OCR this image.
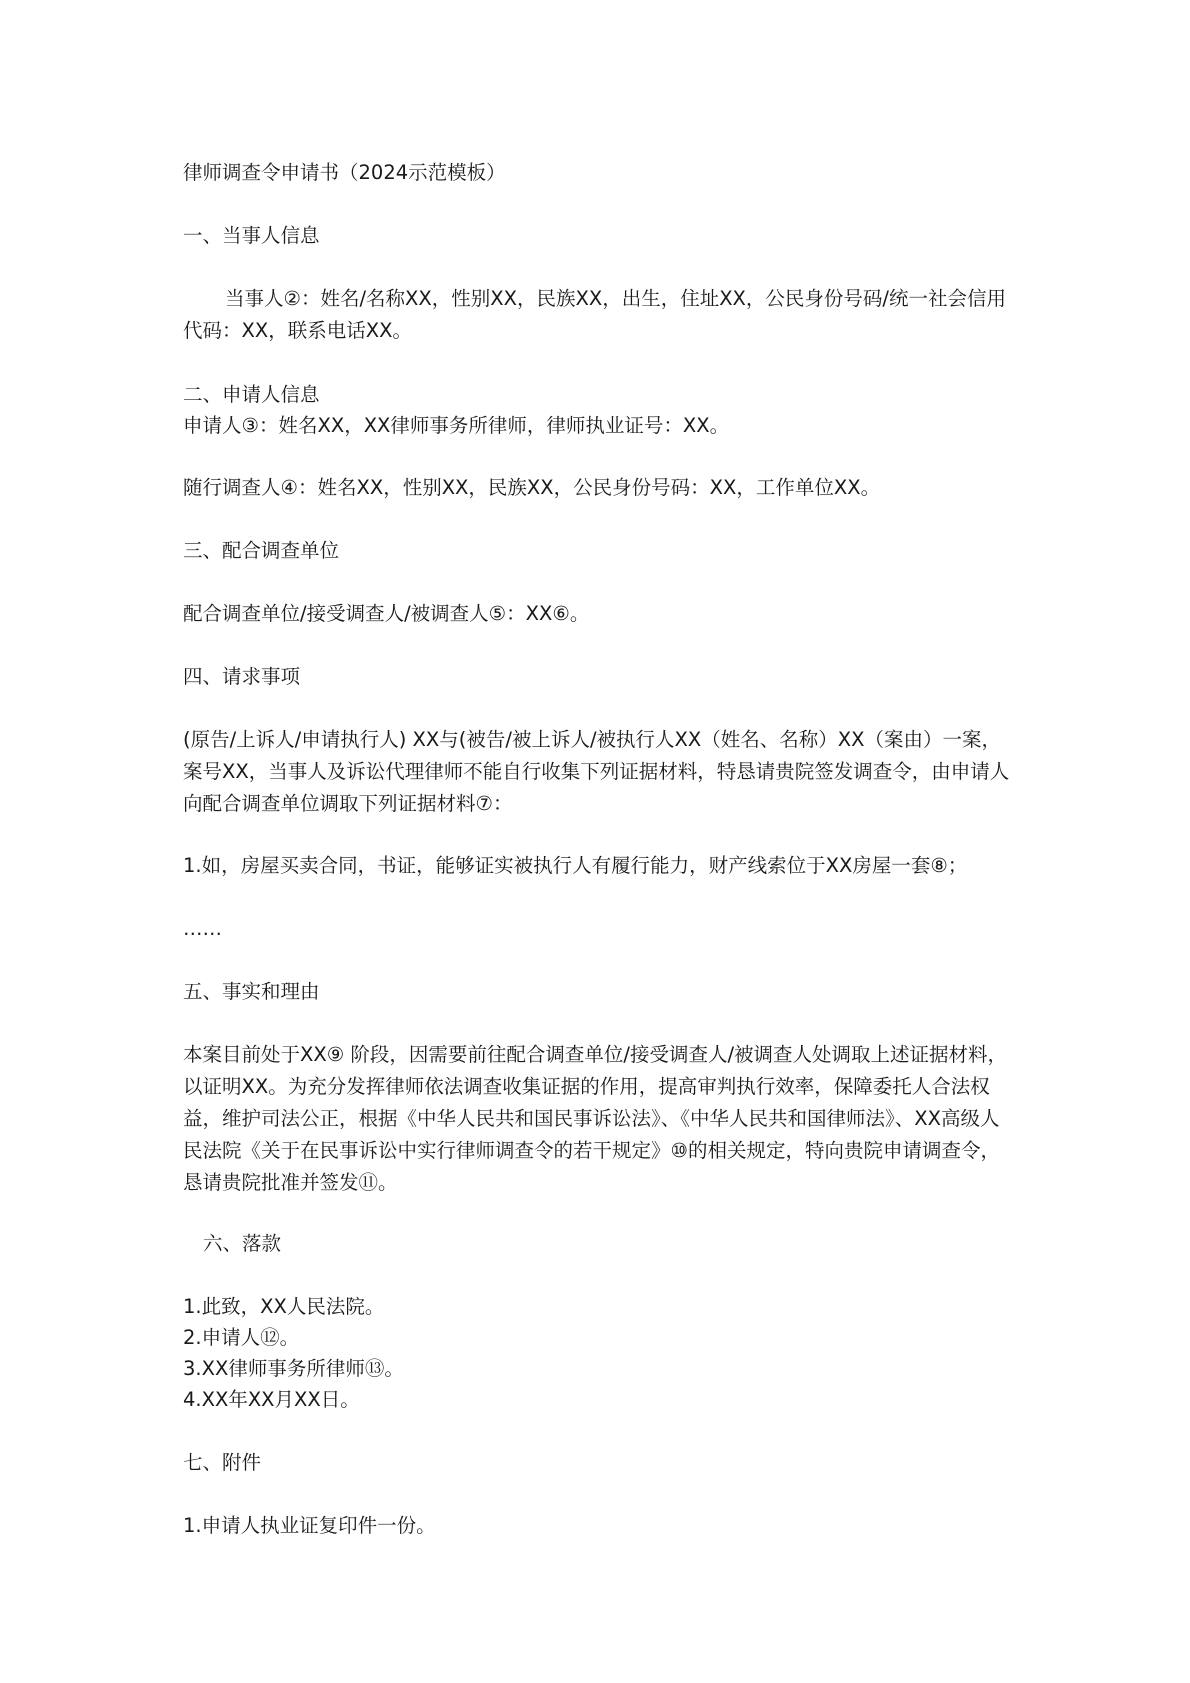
律师调查令申请书（2024示范模板）

一、当事人信息

当事人②：姓名/名称XX，性别XX，民族XX，出生，住址XX，公民身份号码/统一社会信用代码：XX，联系电话XX。

二、申请人信息

申请人③：姓名XX，XX律师事务所律师，律师执业证号：XX。

随行调查人④：姓名XX，性别XX，民族XX，公民身份号码：XX，工作单位XX。

三、配合调查单位

配合调查单位/接受调查人/被调查人⑤：XX⑥。

四、请求事项

(原告/上诉人/申请执行人) XX与(被告/被上诉人/被执行人XX（姓名、名称）XX（案由）一案，案号XX，当事人及诉讼代理律师不能自行收集下列证据材料，特恳请贵院签发调查令，由申请人向配合调查单位调取下列证据材料⑦：

1.如，房屋买卖合同，书证，能够证实被执行人有履行能力，财产线索位于XX房屋一套⑧；

……

五、事实和理由

本案目前处于XX⑨ 阶段，因需要前往配合调查单位/接受调查人/被调查人处调取上述证据材料，以证明XX。为充分发挥律师依法调查收集证据的作用，提高审判执行效率，保障委托人合法权益，维护司法公正，根据《中华人民共和国民事诉讼法》、《中华人民共和国律师法》、XX高级人民法院《关于在民事诉讼中实行律师调查令的若干规定》⑩的相关规定，特向贵院申请调查令，恳请贵院批准并签发⑪。

六、落款

1.此致，XX人民法院。

2.申请人⑫。

3.XX律师事务所律师⑬。

4.XX年XX月XX日。

七、附件

1.申请人执业证复印件一份。
